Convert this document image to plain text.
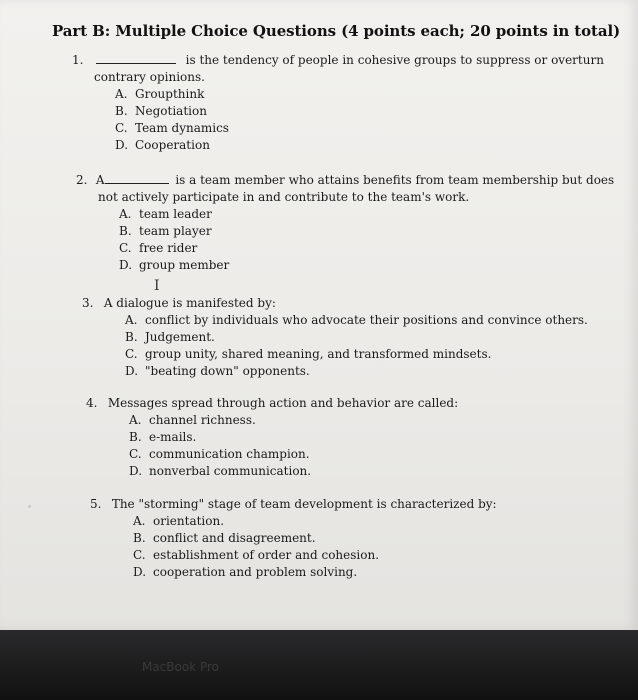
Part B: Multiple Choice Questions (4 points each; 20 points in total)
1.	is the tendency of people in cohesive groups to suppress or overturn
contrary opinions.
A. Groupthink
B. Negotiation
C. Team dynamics
D. Cooperation
2. A	is a team member who attains benefits from team membership but does
not actively participate in and contribute to the team's work.
A. team leader
B. team player
C. free rider
D. group member
I
3. A dialogue is manifested by:
A. conflict by individuals who advocate their positions and convince others.
B. Judgement.
C. group unity, shared meaning, and transformed mindsets.
D. "beating down" opponents.
4. Messages spread through action and behavior are called:
A. channel richness.
B. e-mails.
C. communication champion.
D. nonverbal communication.
5. The "storming" stage of team development is characterized by:
A. orientation.
B. conflict and disagreement.
C. establishment of order and cohesion.
D. cooperation and problem solving.
MacBook Pro
